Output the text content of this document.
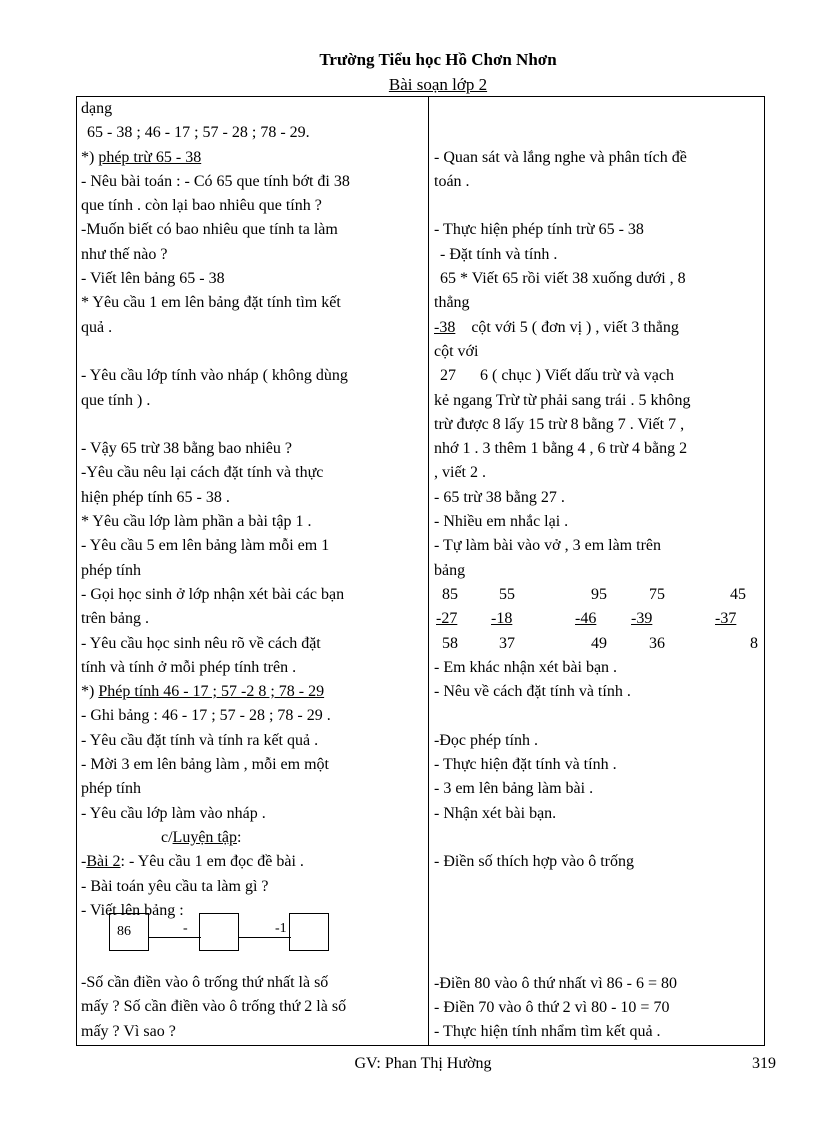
Trường Tiểu học Hồ Chơn Nhơn
Bài soạn lớp 2
dạng
65 - 38 ; 46 - 17 ; 57 - 28 ; 78 - 29.
*) phép trừ 65 - 38
- Nêu bài toán : - Có 65 que tính bớt đi 38
que tính . còn lại bao nhiêu que tính ?
-Muốn biết có bao nhiêu que tính ta làm
như thế nào ?
- Viết lên bảng 65 - 38
* Yêu cầu 1 em lên bảng đặt tính tìm kết
quả .
- Yêu cầu lớp tính vào nháp ( không dùng
que tính ) .
- Vậy 65 trừ 38 bằng bao nhiêu ?
-Yêu cầu nêu lại cách đặt tính và thực
hiện phép tính 65 - 38 .
* Yêu cầu lớp làm phần a bài tập 1 .
- Yêu cầu 5 em lên bảng làm mỗi em 1
phép tính
- Gọi học sinh ở lớp nhận xét bài các bạn
trên bảng .
- Yêu cầu học sinh nêu rõ về cách đặt
tính và tính ở mỗi phép tính trên .
*) Phép tính 46 - 17 ; 57 -2 8 ; 78 - 29
- Ghi bảng : 46 - 17 ; 57 - 28 ; 78 - 29 .
- Yêu cầu đặt tính và tính ra kết quả .
- Mời 3 em lên bảng làm , mỗi em một
phép tính
- Yêu cầu lớp làm vào nháp .
c/Luyện tập:
-Bài 2: - Yêu cầu 1 em đọc đề bài .
- Bài toán yêu cầu ta làm gì ?
- Viết lên bảng :
86	-	-1
-Số cần điền vào ô trống thứ nhất là số
mấy ? Số cần điền vào ô trống thứ 2 là số
mấy ? Vì sao ?
- Quan sát và lắng nghe và phân tích đề
toán .
- Thực hiện phép tính trừ 65 - 38
- Đặt tính và tính .
65 * Viết 65 rồi viết 38 xuống dưới , 8
thẳng
-38 cột với 5 ( đơn vị ) , viết 3 thẳng
cột với
27      6 ( chục ) Viết dấu trừ và vạch
kẻ ngang Trừ từ phải sang trái . 5 không
trừ được 8 lấy 15 trừ 8 bằng 7 . Viết 7 ,
nhớ 1 . 3 thêm 1 bằng 4 , 6 trừ 4 bằng 2
, viết 2 .
- 65 trừ 38 bằng 27 .
- Nhiều em nhắc lại .
- Tự làm bài vào vở , 3 em làm trên
bảng
85	55	95	75	45
-27	-18	-46	-39	-37
58	37	49	36	8
- Em khác nhận xét bài bạn .
- Nêu về cách đặt tính và tính .
-Đọc phép tính .
- Thực hiện đặt tính và tính .
- 3 em lên bảng làm bài .
- Nhận xét bài bạn.
- Điền số thích hợp vào ô trống
-Điền 80 vào ô thứ nhất vì 86 - 6 = 80
- Điền 70 vào ô thứ 2 vì 80 - 10 = 70
- Thực hiện tính nhẩm tìm kết quả .
GV: Phan Thị Hường	319
